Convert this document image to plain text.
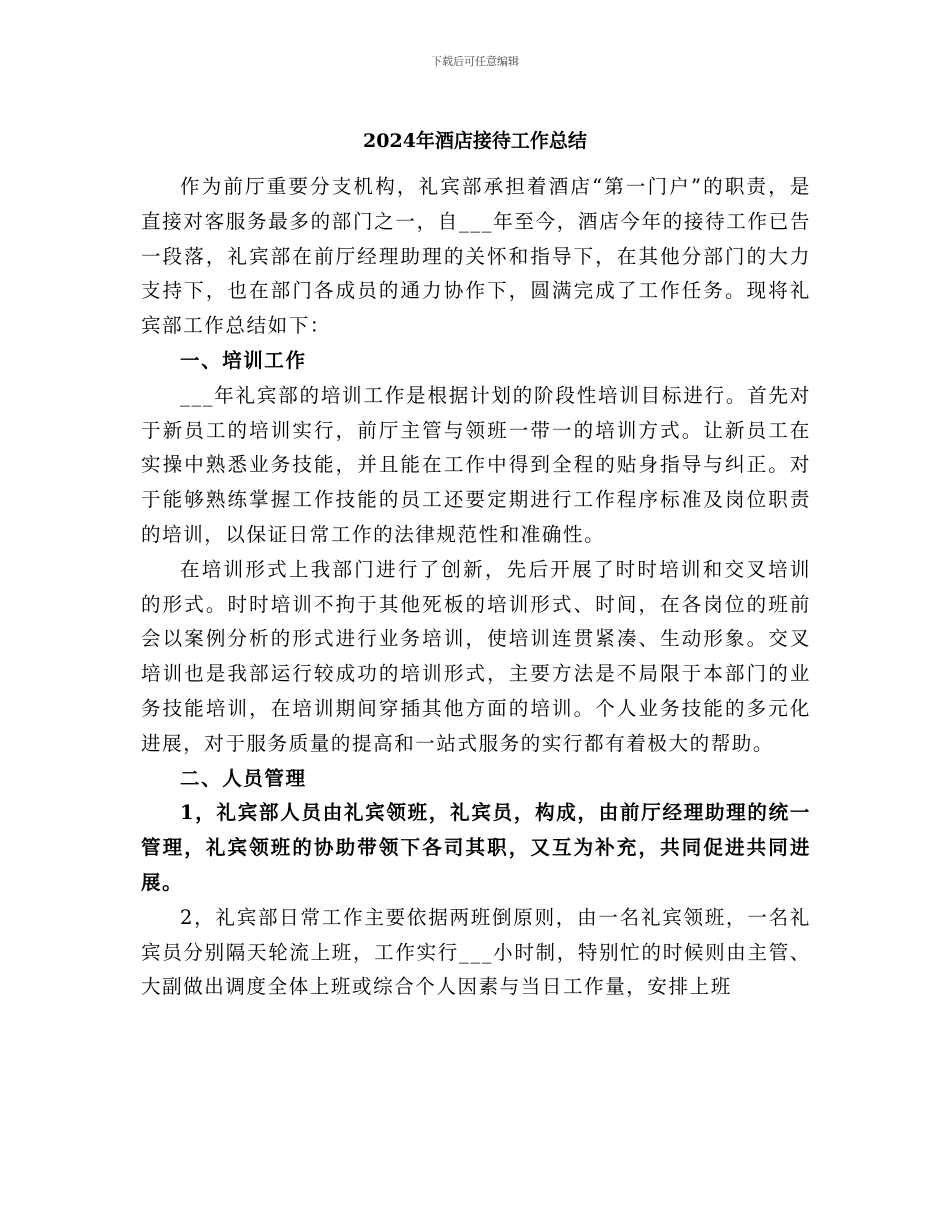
下载后可任意编辑
2024年酒店接待工作总结

作为前厅重要分支机构，礼宾部承担着酒店“第一门户”的职责，是直接对客服务最多的部门之一，自___年至今，酒店今年的接待工作已告一段落，礼宾部在前厅经理助理的关怀和指导下，在其他分部门的大力支持下，也在部门各成员的通力协作下，圆满完成了工作任务。现将礼宾部工作总结如下：

一、培训工作

___年礼宾部的培训工作是根据计划的阶段性培训目标进行。首先对于新员工的培训实行，前厅主管与领班一带一的培训方式。让新员工在实操中熟悉业务技能，并且能在工作中得到全程的贴身指导与纠正。对于能够熟练掌握工作技能的员工还要定期进行工作程序标准及岗位职责的培训，以保证日常工作的法律规范性和准确性。

在培训形式上我部门进行了创新，先后开展了时时培训和交叉培训的形式。时时培训不拘于其他死板的培训形式、时间，在各岗位的班前会以案例分析的形式进行业务培训，使培训连贯紧凑、生动形象。交叉培训也是我部运行较成功的培训形式，主要方法是不局限于本部门的业务技能培训，在培训期间穿插其他方面的培训。个人业务技能的多元化进展，对于服务质量的提高和一站式服务的实行都有着极大的帮助。

二、人员管理

1，礼宾部人员由礼宾领班，礼宾员，构成，由前厅经理助理的统一管理，礼宾领班的协助带领下各司其职，又互为补充，共同促进共同进展。

2，礼宾部日常工作主要依据两班倒原则，由一名礼宾领班，一名礼宾员分别隔天轮流上班，工作实行___小时制，特别忙的时候则由主管、大副做出调度全体上班或综合个人因素与当日工作量，安排上班
